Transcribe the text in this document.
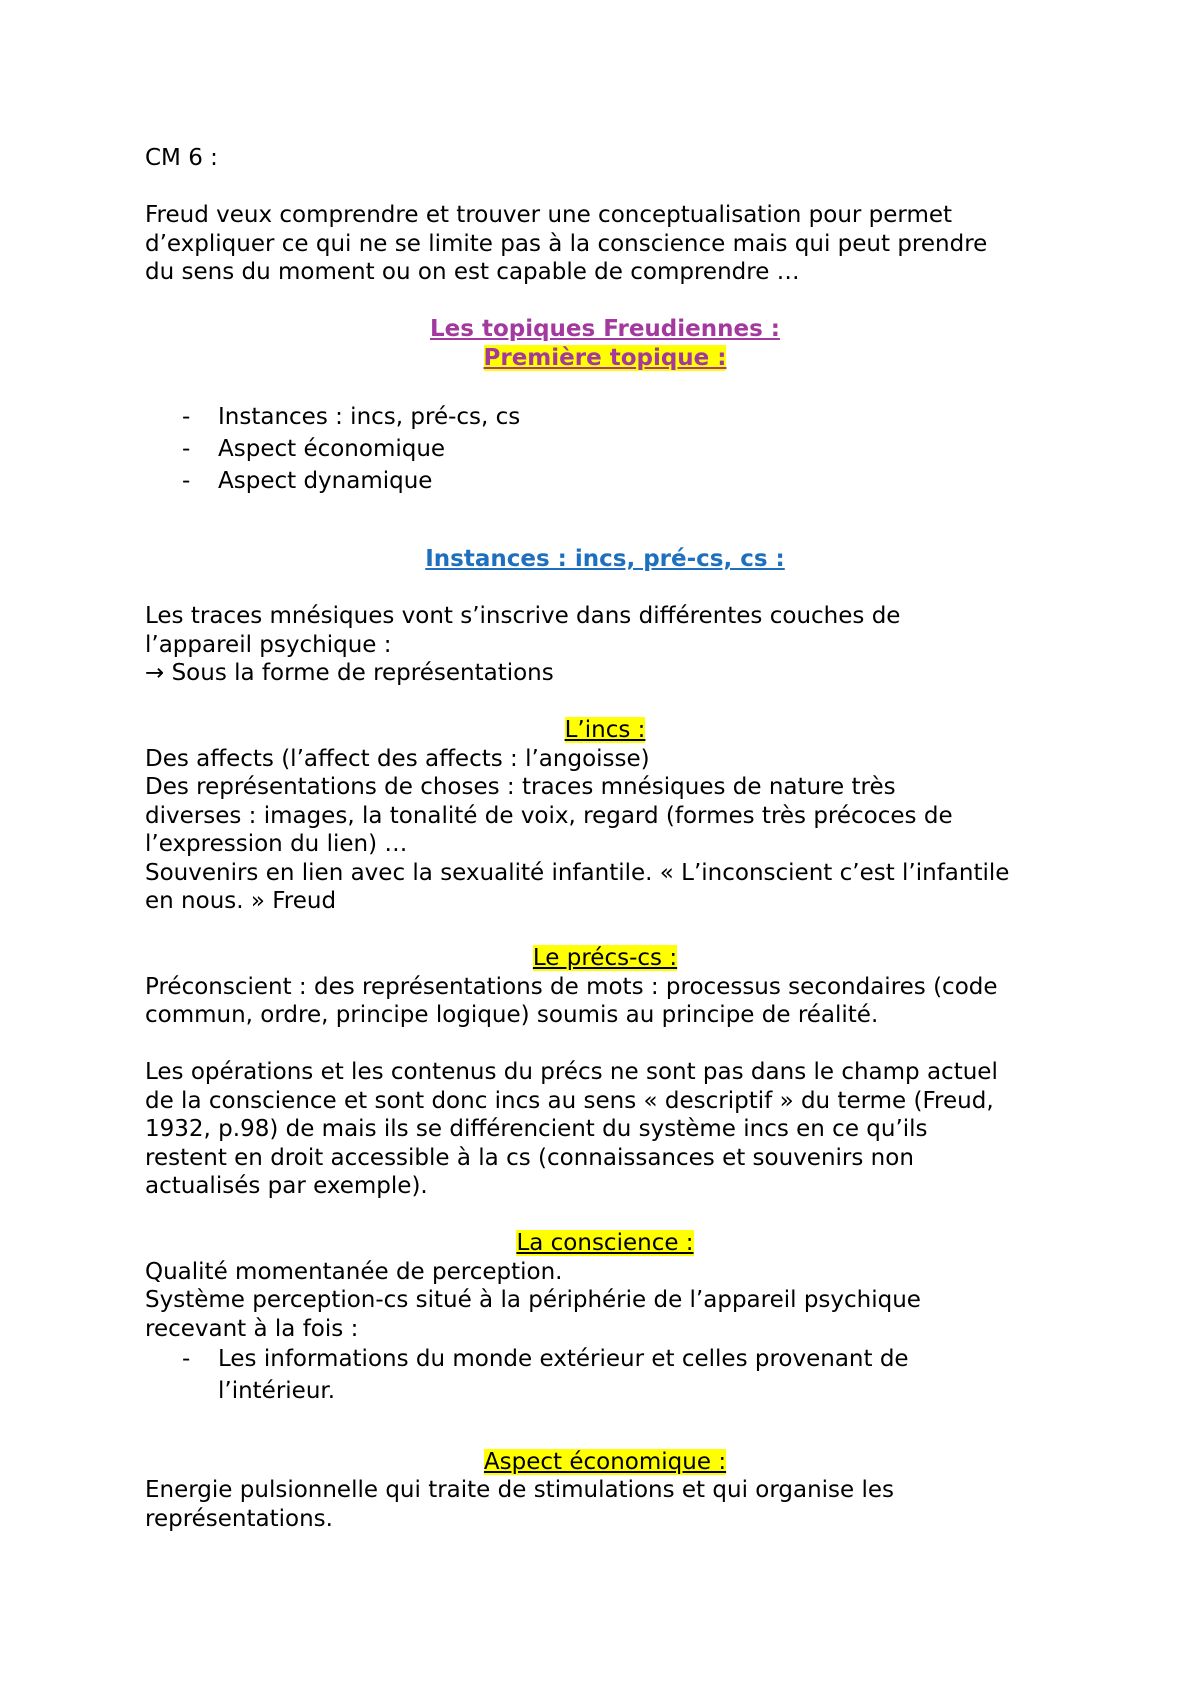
CM 6 :

Freud veux comprendre et trouver une conceptualisation pour permet

d’expliquer ce qui ne se limite pas à la conscience mais qui peut prendre

du sens du moment ou on est capable de comprendre …

Les topiques Freudiennes :

Première topique :

- Instances : incs, pré-cs, cs
- Aspect économique
- Aspect dynamique

Instances : incs, pré-cs, cs :

Les traces mnésiques vont s’inscrive dans différentes couches de

l’appareil psychique :

→ Sous la forme de représentations

L’incs :

Des affects (l’affect des affects : l’angoisse)

Des représentations de choses : traces mnésiques de nature très

diverses : images, la tonalité de voix, regard (formes très précoces de

l’expression du lien) …

Souvenirs en lien avec la sexualité infantile. « L’inconscient c’est l’infantile

en nous. » Freud

Le précs-cs :

Préconscient : des représentations de mots : processus secondaires (code

commun, ordre, principe logique) soumis au principe de réalité.

Les opérations et les contenus du précs ne sont pas dans le champ actuel

de la conscience et sont donc incs au sens « descriptif » du terme (Freud,

1932, p.98) de mais ils se différencient du système incs en ce qu’ils

restent en droit accessible à la cs (connaissances et souvenirs non

actualisés par exemple).

La conscience :

Qualité momentanée de perception.

Système perception-cs situé à la périphérie de l’appareil psychique

recevant à la fois :

- Les informations du monde extérieur et celles provenant de
l’intérieur.

Aspect économique :

Energie pulsionnelle qui traite de stimulations et qui organise les

représentations.
